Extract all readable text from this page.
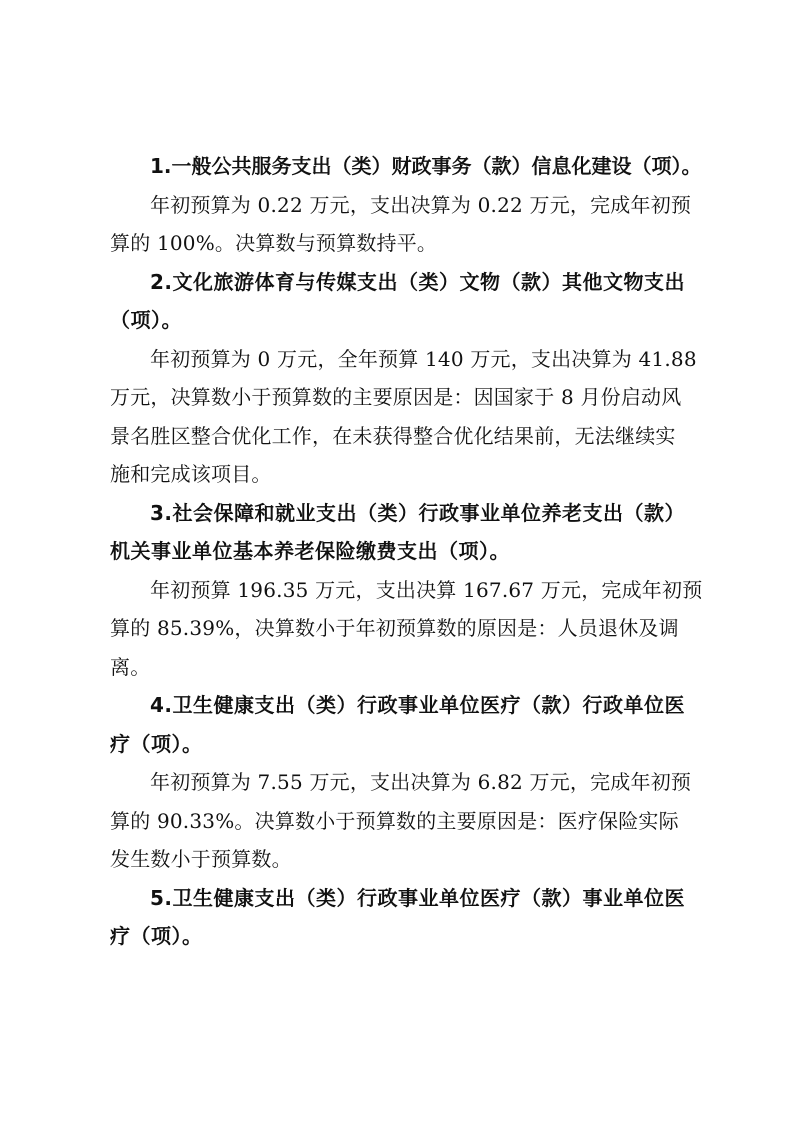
1.一般公共服务支出（类）财政事务（款）信息化建设（项）。
年初预算为 0.22 万元，支出决算为 0.22 万元，完成年初预
算的 100%。决算数与预算数持平。
2.文化旅游体育与传媒支出（类）文物（款）其他文物支出
（项）。
年初预算为 0 万元，全年预算 140 万元，支出决算为 41.88
万元，决算数小于预算数的主要原因是：因国家于 8 月份启动风
景名胜区整合优化工作，在未获得整合优化结果前，无法继续实
施和完成该项目。
3.社会保障和就业支出（类）行政事业单位养老支出（款）
机关事业单位基本养老保险缴费支出（项）。
年初预算 196.35 万元，支出决算 167.67 万元，完成年初预
算的 85.39%，决算数小于年初预算数的原因是：人员退休及调
离。
4.卫生健康支出（类）行政事业单位医疗（款）行政单位医
疗（项）。
年初预算为 7.55 万元，支出决算为 6.82 万元，完成年初预
算的 90.33%。决算数小于预算数的主要原因是：医疗保险实际
发生数小于预算数。
5.卫生健康支出（类）行政事业单位医疗（款）事业单位医
疗（项）。
